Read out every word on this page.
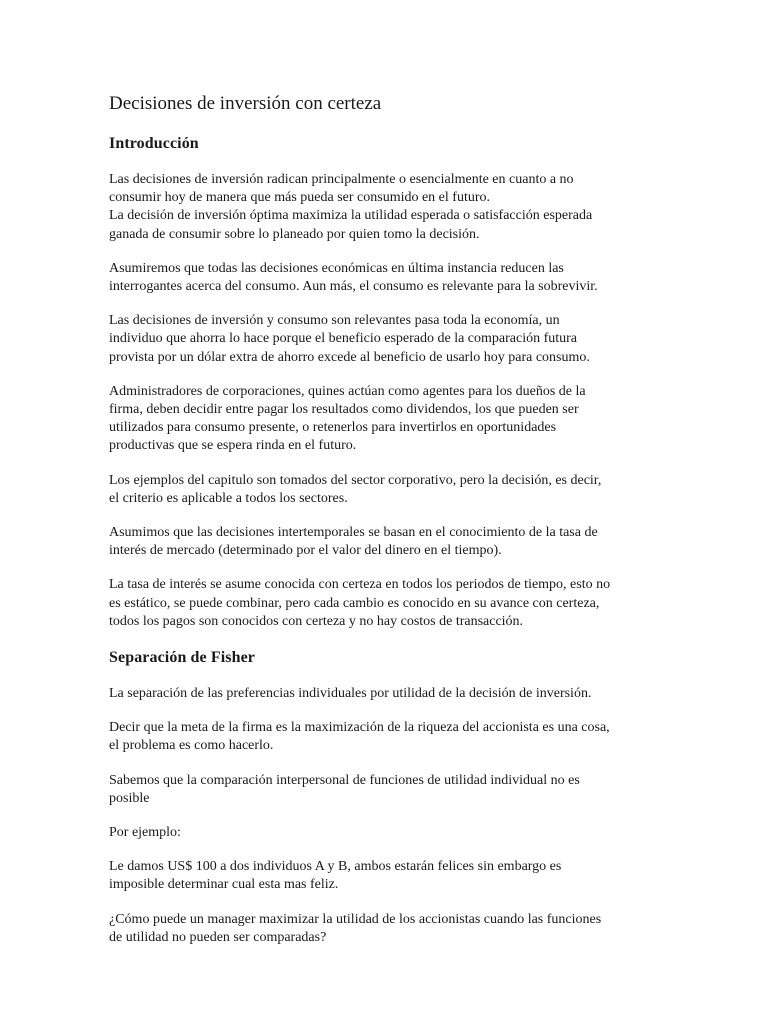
Decisiones de inversión con certeza
Introducción
Las decisiones de inversión radican principalmente o esencialmente en cuanto a no
consumir hoy de manera que más pueda ser consumido en el futuro.
La decisión de inversión óptima maximiza la utilidad esperada o satisfacción esperada
ganada de consumir sobre lo planeado por quien tomo la decisión.
Asumiremos que todas las decisiones económicas en última instancia reducen las
interrogantes acerca del consumo. Aun más, el consumo es relevante para la sobrevivir.
Las decisiones de inversión y consumo son relevantes pasa toda la economía, un
individuo que ahorra lo hace porque el beneficio esperado de la comparación futura
provista por un dólar extra de ahorro excede al beneficio de usarlo hoy para consumo.
Administradores de corporaciones, quines actúan como agentes para los dueños de la
firma, deben decidir entre pagar los resultados como dividendos, los que pueden ser
utilizados para consumo presente, o retenerlos para invertirlos en oportunidades
productivas que se espera rinda en el futuro.
Los ejemplos del capitulo son tomados del sector corporativo, pero la decisión, es decir,
el criterio es aplicable a todos los sectores.
Asumimos que las decisiones intertemporales se basan en el conocimiento de la tasa de
interés de mercado (determinado por el valor del dinero en el tiempo).
La tasa de interés se asume conocida con certeza en todos los periodos de tiempo, esto no
es estático, se puede combinar, pero cada cambio es conocido en su avance con certeza,
todos los pagos son conocidos con certeza y no hay costos de transacción.
Separación de Fisher
La separación de las preferencias individuales por utilidad de la decisión de inversión.
Decir que la meta de la firma es la maximización de la riqueza del accionista es una cosa,
el problema es como hacerlo.
Sabemos que la comparación interpersonal de funciones de utilidad individual no es
posible
Por ejemplo:
Le damos US$ 100 a dos individuos A y B, ambos estarán felices sin embargo es
imposible determinar cual esta mas feliz.
¿Cómo puede un manager maximizar la utilidad de los accionistas cuando las funciones
de utilidad no pueden ser comparadas?
